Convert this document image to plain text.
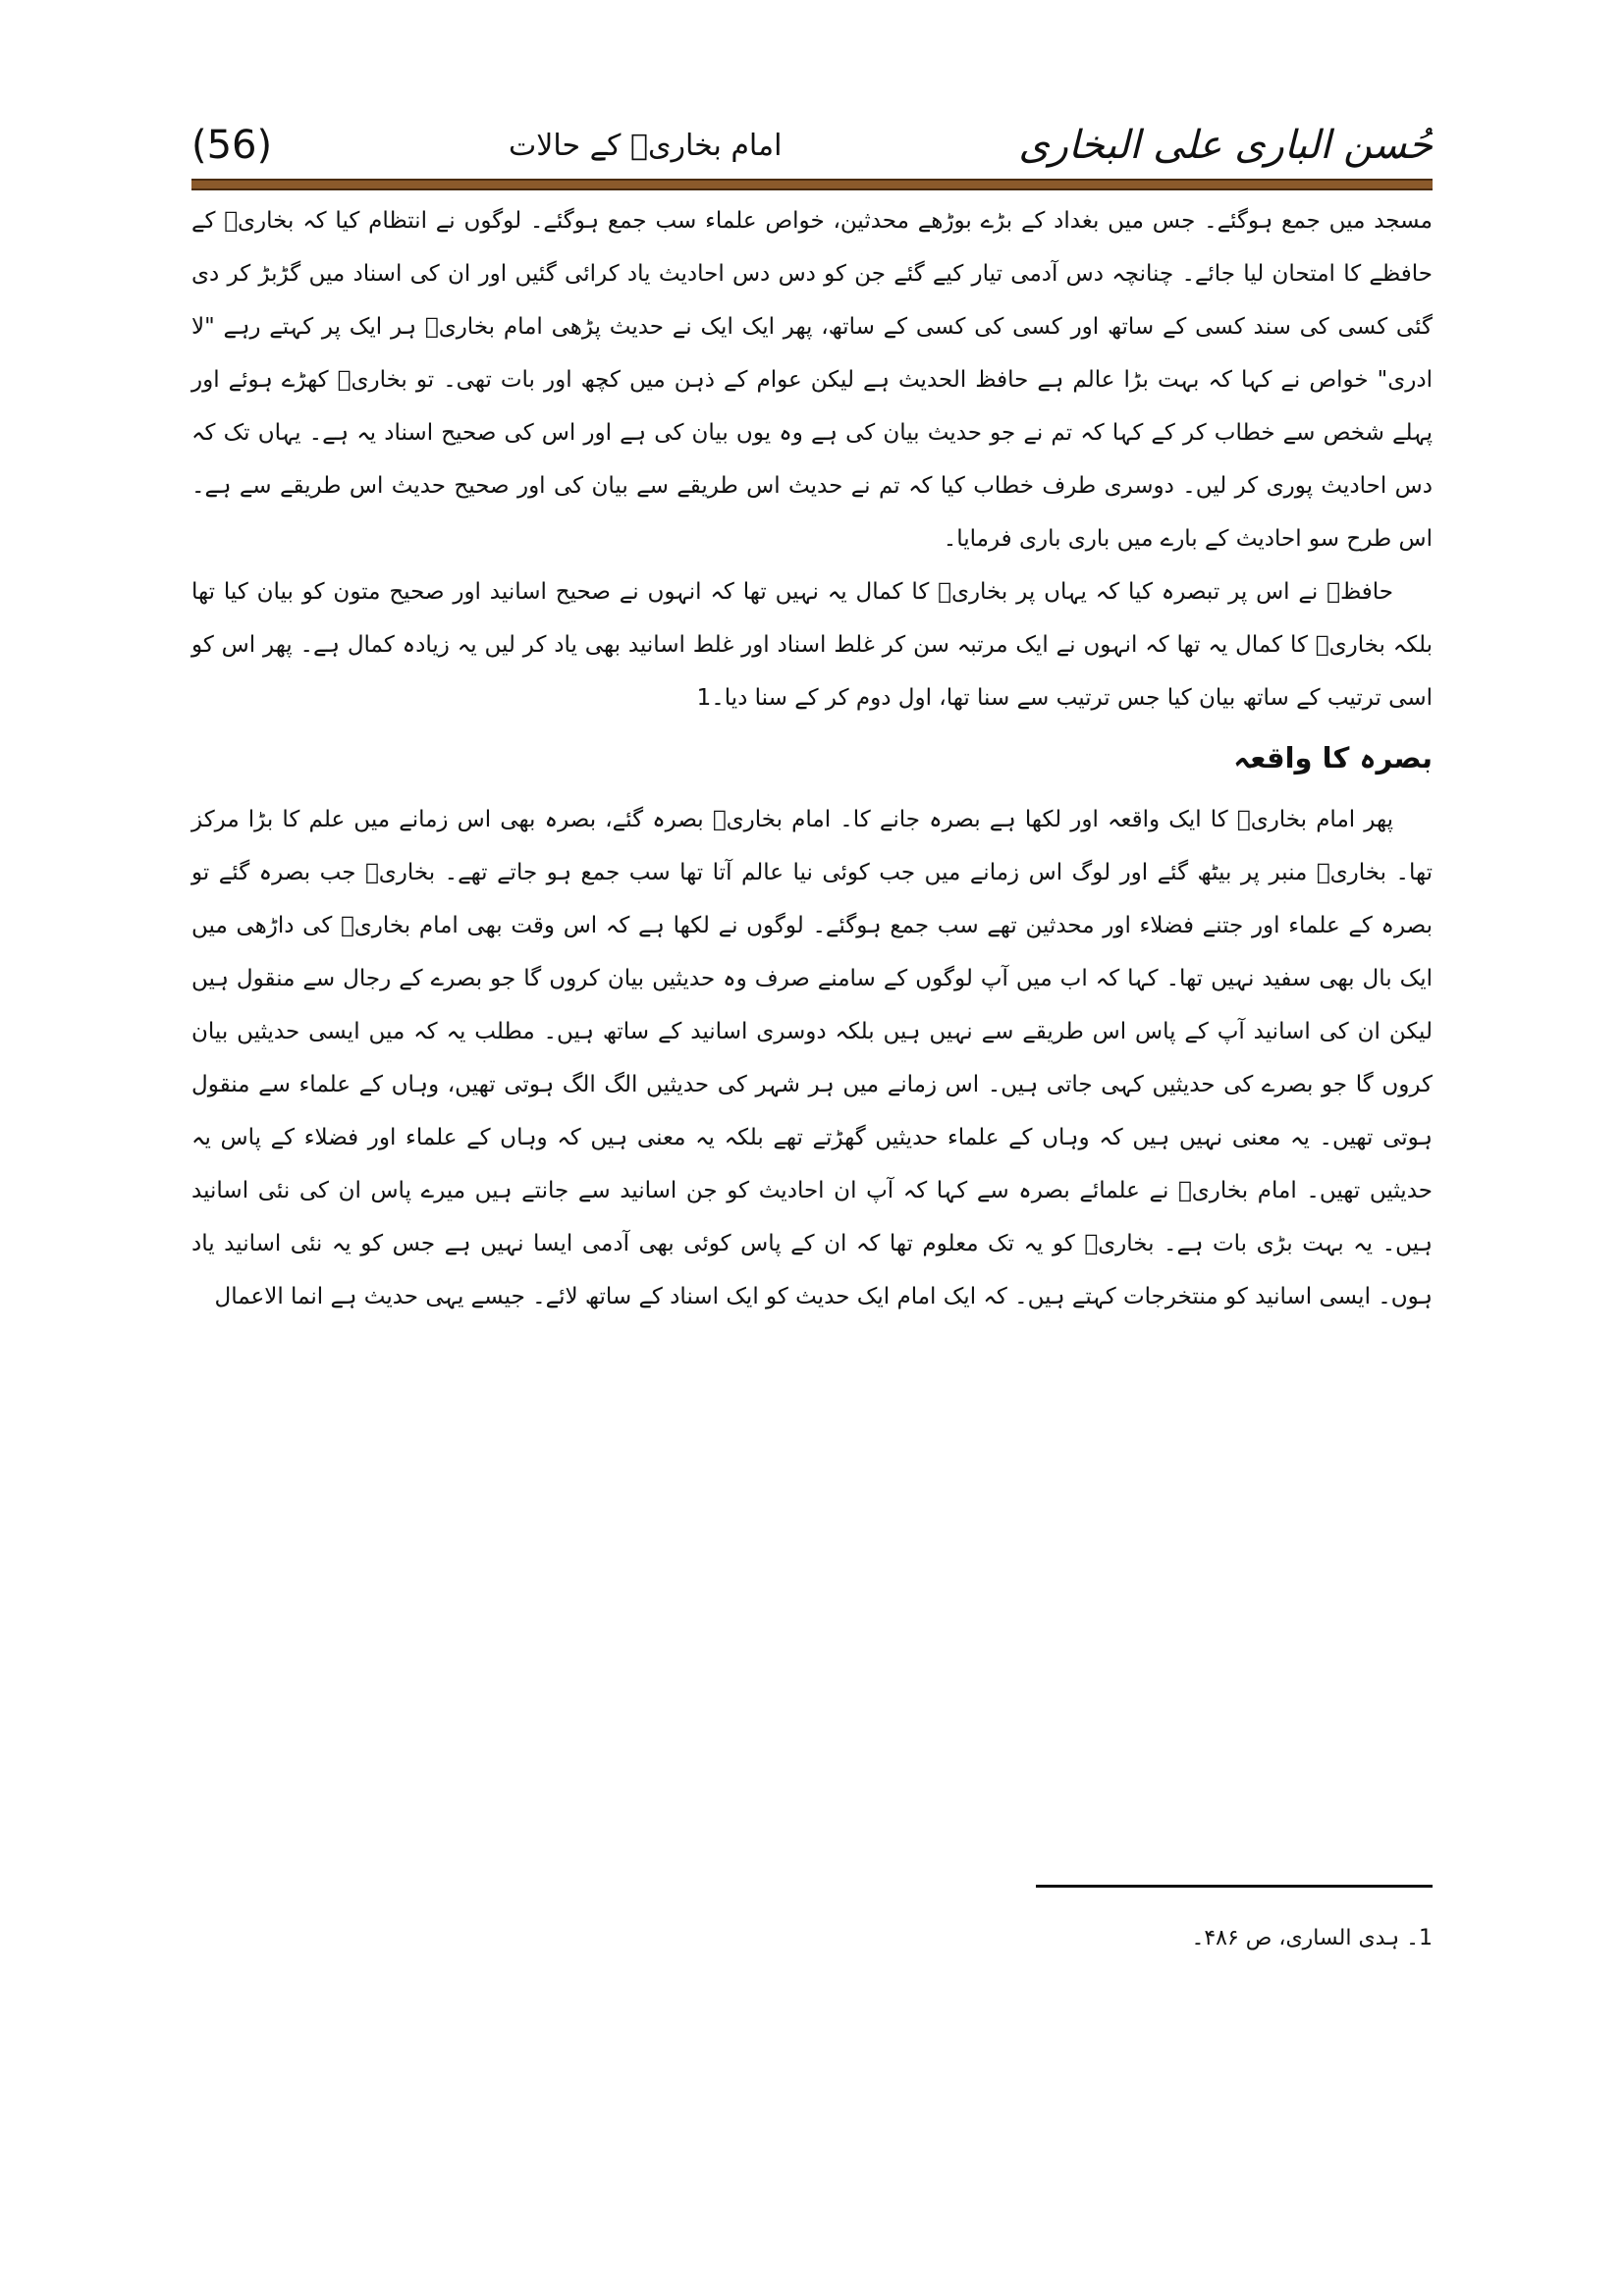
(56)	امام بخاریؒ کے حالات	حُسن الباری علی البخاری

مسجد میں جمع ہوگئے۔ جس میں بغداد کے بڑے بوڑھے محدثین، خواص علماء سب جمع ہوگئے۔ لوگوں نے انتظام کیا کہ بخاریؒ کے حافظے کا امتحان لیا جائے۔ چنانچہ دس آدمی تیار کیے گئے جن کو دس دس احادیث یاد کرائی گئیں اور ان کی اسناد میں گڑبڑ کر دی گئی کسی کی سند کسی کے ساتھ اور کسی کی کسی کے ساتھ، پھر ایک ایک نے حدیث پڑھی امام بخاریؒ ہر ایک پر کہتے رہے "لا ادری" خواص نے کہا کہ بہت بڑا عالم ہے حافظ الحدیث ہے لیکن عوام کے ذہن میں کچھ اور بات تھی۔ تو بخاریؒ کھڑے ہوئے اور پہلے شخص سے خطاب کر کے کہا کہ تم نے جو حدیث بیان کی ہے وہ یوں بیان کی ہے اور اس کی صحیح اسناد یہ ہے۔ یہاں تک کہ دس احادیث پوری کر لیں۔ دوسری طرف خطاب کیا کہ تم نے حدیث اس طریقے سے بیان کی اور صحیح حدیث اس طریقے سے ہے۔ اس طرح سو احادیث کے بارے میں باری باری فرمایا۔

حافظؒ نے اس پر تبصرہ کیا کہ یہاں پر بخاریؒ کا کمال یہ نہیں تھا کہ انہوں نے صحیح اسانید اور صحیح متون کو بیان کیا تھا بلکہ بخاریؒ کا کمال یہ تھا کہ انہوں نے ایک مرتبہ سن کر غلط اسناد اور غلط اسانید بھی یاد کر لیں یہ زیادہ کمال ہے۔ پھر اس کو اسی ترتیب کے ساتھ بیان کیا جس ترتیب سے سنا تھا، اول دوم کر کے سنا دیا۔1

بصرہ کا واقعہ

پھر امام بخاریؒ کا ایک واقعہ اور لکھا ہے بصرہ جانے کا۔ امام بخاریؒ بصرہ گئے، بصرہ بھی اس زمانے میں علم کا بڑا مرکز تھا۔ بخاریؒ منبر پر بیٹھ گئے اور لوگ اس زمانے میں جب کوئی نیا عالم آتا تھا سب جمع ہو جاتے تھے۔ بخاریؒ جب بصرہ گئے تو بصرہ کے علماء اور جتنے فضلاء اور محدثین تھے سب جمع ہوگئے۔ لوگوں نے لکھا ہے کہ اس وقت بھی امام بخاریؒ کی داڑھی میں ایک بال بھی سفید نہیں تھا۔ کہا کہ اب میں آپ لوگوں کے سامنے صرف وہ حدیثیں بیان کروں گا جو بصرے کے رجال سے منقول ہیں لیکن ان کی اسانید آپ کے پاس اس طریقے سے نہیں ہیں بلکہ دوسری اسانید کے ساتھ ہیں۔ مطلب یہ کہ میں ایسی حدیثیں بیان کروں گا جو بصرے کی حدیثیں کہی جاتی ہیں۔ اس زمانے میں ہر شہر کی حدیثیں الگ الگ ہوتی تھیں، وہاں کے علماء سے منقول ہوتی تھیں۔ یہ معنی نہیں ہیں کہ وہاں کے علماء حدیثیں گھڑتے تھے بلکہ یہ معنی ہیں کہ وہاں کے علماء اور فضلاء کے پاس یہ حدیثیں تھیں۔ امام بخاریؒ نے علمائے بصرہ سے کہا کہ آپ ان احادیث کو جن اسانید سے جانتے ہیں میرے پاس ان کی نئی اسانید ہیں۔ یہ بہت بڑی بات ہے۔ بخاریؒ کو یہ تک معلوم تھا کہ ان کے پاس کوئی بھی آدمی ایسا نہیں ہے جس کو یہ نئی اسانید یاد ہوں۔ ایسی اسانید کو منتخرجات کہتے ہیں۔ کہ ایک امام ایک حدیث کو ایک اسناد کے ساتھ لائے۔ جیسے یہی حدیث ہے انما الاعمال

1۔ ہدی الساری، ص ۴۸۶۔
